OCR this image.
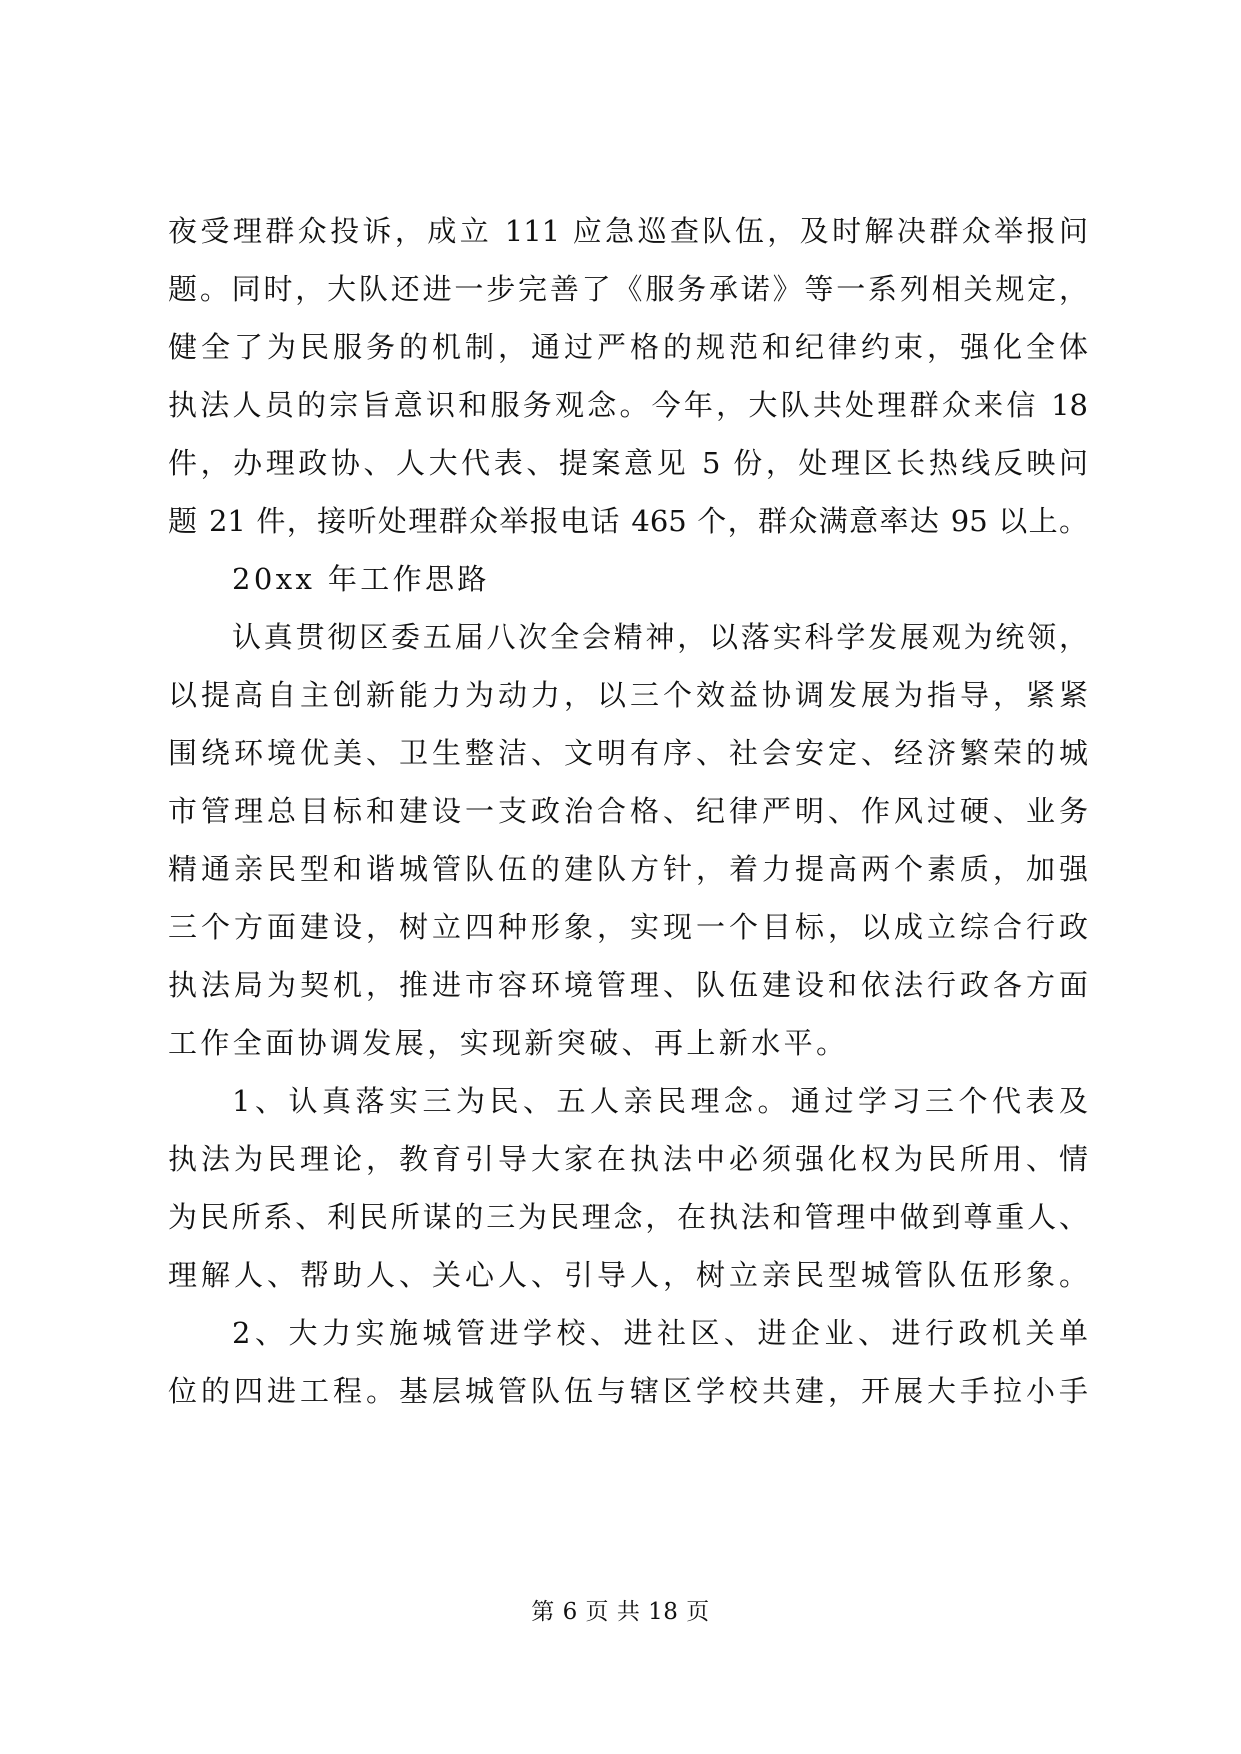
夜受理群众投诉，成立 111 应急巡查队伍，及时解决群众举报问
题。同时，大队还进一步完善了《服务承诺》等一系列相关规定，
健全了为民服务的机制，通过严格的规范和纪律约束，强化全体
执法人员的宗旨意识和服务观念。今年，大队共处理群众来信 18
件，办理政协、人大代表、提案意见 5 份，处理区长热线反映问
题 21 件，接听处理群众举报电话 465 个，群众满意率达 95 以上。
20xx 年工作思路
认真贯彻区委五届八次全会精神，以落实科学发展观为统领，
以提高自主创新能力为动力，以三个效益协调发展为指导，紧紧
围绕环境优美、卫生整洁、文明有序、社会安定、经济繁荣的城
市管理总目标和建设一支政治合格、纪律严明、作风过硬、业务
精通亲民型和谐城管队伍的建队方针，着力提高两个素质，加强
三个方面建设，树立四种形象，实现一个目标，以成立综合行政
执法局为契机，推进市容环境管理、队伍建设和依法行政各方面
工作全面协调发展，实现新突破、再上新水平。
1、认真落实三为民、五人亲民理念。通过学习三个代表及
执法为民理论，教育引导大家在执法中必须强化权为民所用、情
为民所系、利民所谋的三为民理念，在执法和管理中做到尊重人、
理解人、帮助人、关心人、引导人，树立亲民型城管队伍形象。
2、大力实施城管进学校、进社区、进企业、进行政机关单
位的四进工程。基层城管队伍与辖区学校共建，开展大手拉小手
第 6 页 共 18 页
